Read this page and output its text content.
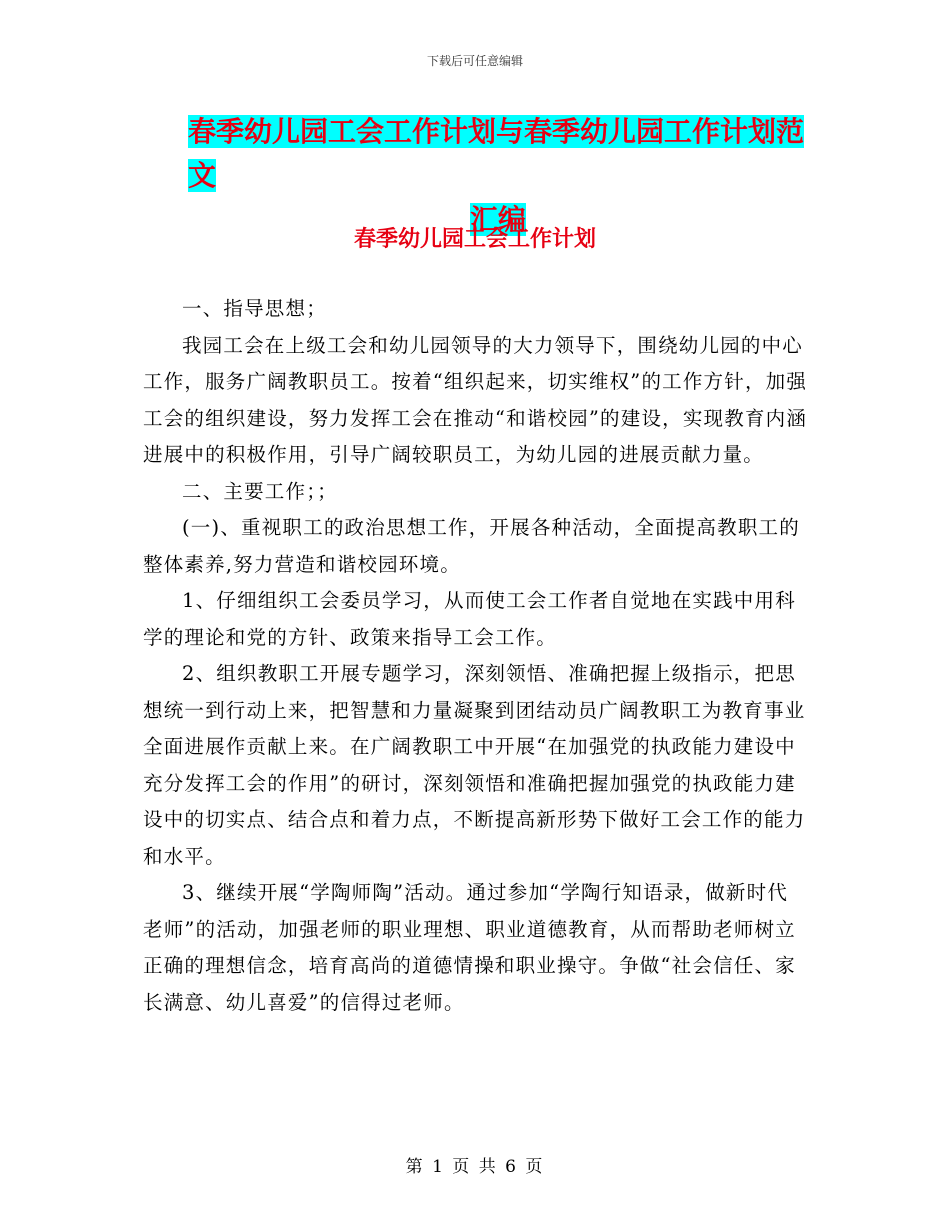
下载后可任意编辑
春季幼儿园工会工作计划与春季幼儿园工作计划范文
汇编
春季幼儿园工会工作计划

一、指导思想；

我园工会在上级工会和幼儿园领导的大力领导下，围绕幼儿园的中心工作，服务广阔教职员工。按着“组织起来，切实维权”的工作方针，加强工会的组织建设，努力发挥工会在推动“和谐校园”的建设，实现教育内涵进展中的积极作用，引导广阔较职员工，为幼儿园的进展贡献力量。

二、主要工作；；

(一)、重视职工的政治思想工作，开展各种活动，全面提高教职工的整体素养,努力营造和谐校园环境。

1、仔细组织工会委员学习，从而使工会工作者自觉地在实践中用科学的理论和党的方针、政策来指导工会工作。

2、组织教职工开展专题学习，深刻领悟、准确把握上级指示，把思想统一到行动上来，把智慧和力量凝聚到团结动员广阔教职工为教育事业全面进展作贡献上来。在广阔教职工中开展“在加强党的执政能力建设中充分发挥工会的作用”的研讨，深刻领悟和准确把握加强党的执政能力建设中的切实点、结合点和着力点，不断提高新形势下做好工会工作的能力和水平。

3、继续开展“学陶师陶”活动。通过参加“学陶行知语录，做新时代老师”的活动，加强老师的职业理想、职业道德教育，从而帮助老师树立正确的理想信念，培育高尚的道德情操和职业操守。争做“社会信任、家长满意、幼儿喜爱”的信得过老师。

第 1 页 共 6 页
